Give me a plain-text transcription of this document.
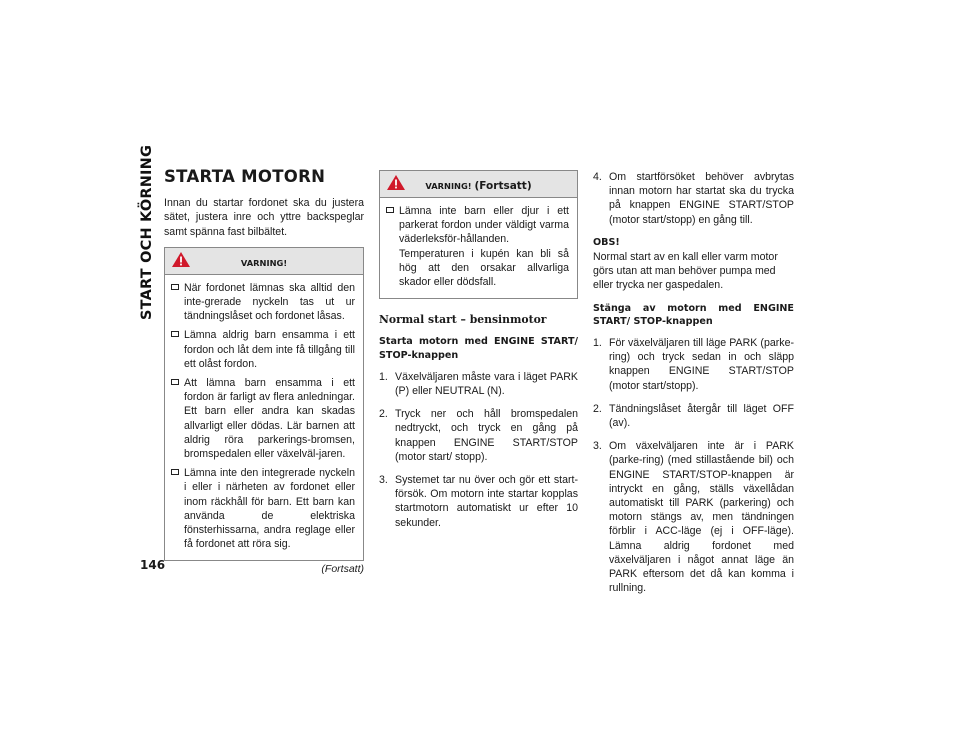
START OCH KÖRNING
146
STARTA MOTORN

Innan du startar fordonet ska du justera sätet, justera inre och yttre backspeglar samt spänna fast bilbältet.

$_{VARNING!}$
När fordonet lämnas ska alltid den inte-grerade nyckeln tas ut ur tändningslåset och fordonet låsas.
Lämna aldrig barn ensamma i ett fordon och låt dem inte få tillgång till ett olåst fordon.
Att lämna barn ensamma i ett fordon är farligt av flera anledningar. Ett barn eller andra kan skadas allvarligt eller dödas. Lär barnen att aldrig röra parkerings-bromsen, bromspedalen eller växelväl-jaren.
Lämna inte den integrerade nyckeln i eller i närheten av fordonet eller inom räckhåll för barn. Ett barn kan använda de elektriska fönsterhissarna, andra reglage eller få fordonet att röra sig.
(Fortsatt)
$_{VARNING! (Fortsatt)}$
Lämna inte barn eller djur i ett parkerat fordon under väldigt varma väderleksför-hållanden. Temperaturen i kupén kan bli så hög att den orsakar allvarliga skador eller dödsfall.
Normal start – bensinmotor
Starta motorn med ENGINE START/ STOP-knappen
1. Växelväljaren måste vara i läget PARK (P) eller NEUTRAL (N).
2. Tryck ner och håll bromspedalen nedtryckt, och tryck en gång på knappen ENGINE START/STOP (motor start/ stopp).
3. Systemet tar nu över och gör ett start-försök. Om motorn inte startar kopplas startmotorn automatiskt ur efter 10 sekunder.
4. Om startförsöket behöver avbrytas innan motorn har startat ska du trycka på knappen ENGINE START/STOP (motor start/stopp) en gång till.
OBS!

Normal start av en kall eller varm motor görs utan att man behöver pumpa med eller trycka ner gaspedalen.

Stänga av motorn med ENGINE START/ STOP-knappen
1. För växelväljaren till läge PARK (parke-ring) och tryck sedan in och släpp knappen ENGINE START/STOP (motor start/stopp).
2. Tändningslåset återgår till läget OFF (av).
3. Om växelväljaren inte är i PARK (parke-ring) (med stillastående bil) och ENGINE START/STOP-knappen är intryckt en gång, ställs växellådan automatiskt till PARK (parkering) och motorn stängs av, men tändningen förblir i ACC-läge (ej i OFF-läge). Lämna aldrig fordonet med växelväljaren i något annat läge än PARK eftersom det då kan komma i rullning.
